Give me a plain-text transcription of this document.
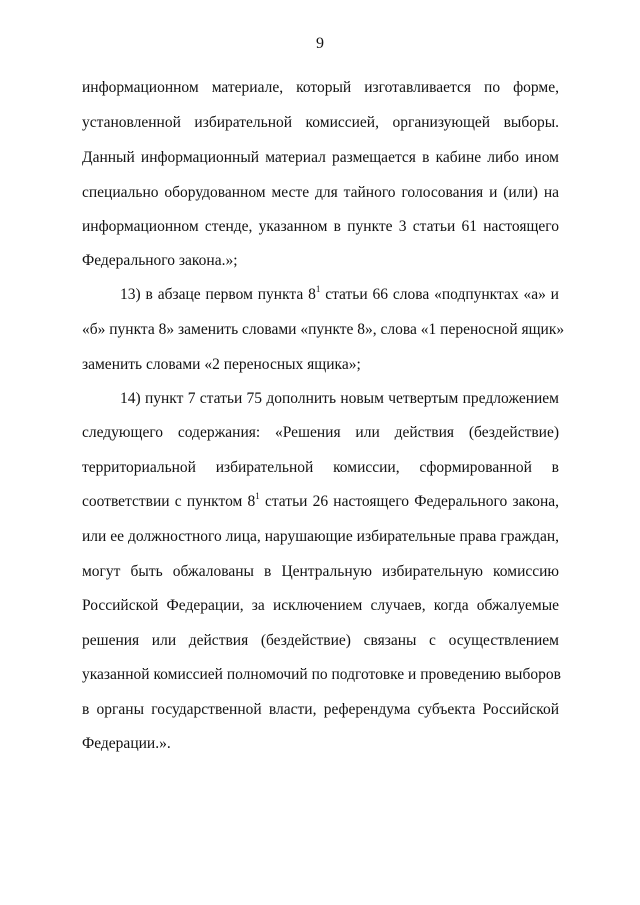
9
информационном материале, который изготавливается по форме,
установленной избирательной комиссией, организующей выборы.
Данный информационный материал размещается в кабине либо ином
специально оборудованном месте для тайного голосования и (или) на
информационном стенде, указанном в пункте 3 статьи 61 настоящего
Федерального закона.»;
13) в абзаце первом пункта $8^1$ статьи 66 слова «подпунктах «а» и
«б» пункта 8» заменить словами «пункте 8», слова «1 переносной ящик»
заменить словами «2 переносных ящика»;
14) пункт 7 статьи 75 дополнить новым четвертым предложением
следующего содержания: «Решения или действия (бездействие)
территориальной избирательной комиссии, сформированной в
соответствии с пунктом $8^1$ статьи 26 настоящего Федерального закона,
или ее должностного лица, нарушающие избирательные права граждан,
могут быть обжалованы в Центральную избирательную комиссию
Российской Федерации, за исключением случаев, когда обжалуемые
решения или действия (бездействие) связаны с осуществлением
указанной комиссией полномочий по подготовке и проведению выборов
в органы государственной власти, референдума субъекта Российской
Федерации.».
